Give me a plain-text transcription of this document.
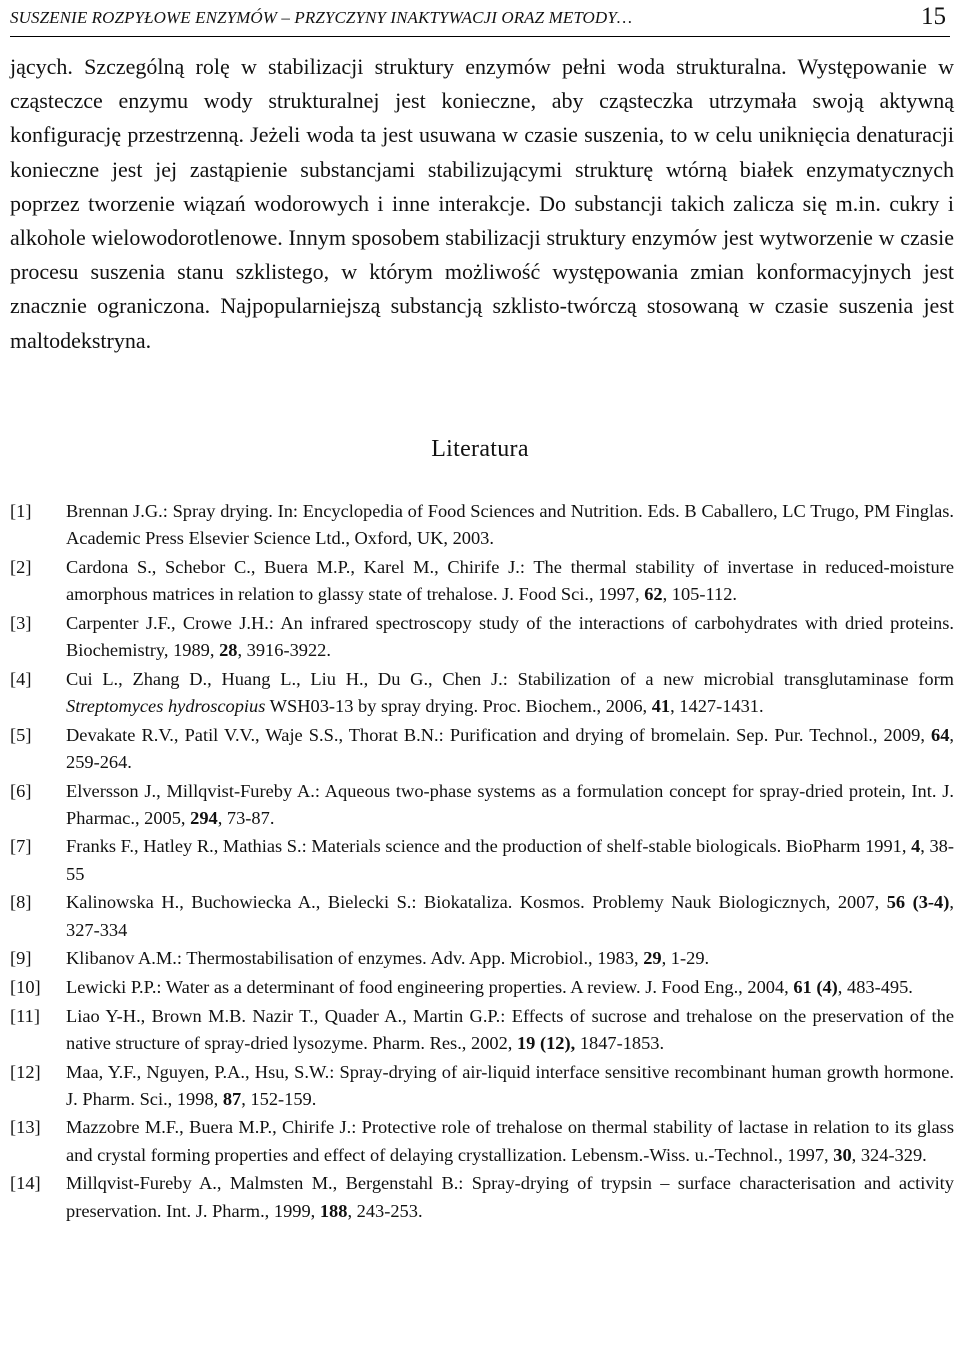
SUSZENIE ROZPYŁOWE ENZYMÓW – PRZYCZYNY INAKTYWACJI ORAZ METODY…	15

jących. Szczególną rolę w stabilizacji struktury enzymów pełni woda strukturalna. Występowanie w cząsteczce enzymu wody strukturalnej jest konieczne, aby cząsteczka utrzymała swoją aktywną konfigurację przestrzenną. Jeżeli woda ta jest usuwana w czasie suszenia, to w celu uniknięcia denaturacji konieczne jest jej zastąpienie substancjami stabilizującymi strukturę wtórną białek enzymatycznych poprzez tworzenie wiązań wodorowych i inne interakcje. Do substancji takich zalicza się m.in. cukry i alkohole wielowodorotlenowe. Innym sposobem stabilizacji struktury enzymów jest wytworzenie w czasie procesu suszenia stanu szklistego, w którym możliwość występowania zmian konformacyjnych jest znacznie ograniczona. Najpopularniejszą substancją szklisto-twórczą stosowaną w czasie suszenia jest maltodekstryna.

Literatura
[1] Brennan J.G.: Spray drying. In: Encyclopedia of Food Sciences and Nutrition. Eds. B Caballero, LC Trugo, PM Finglas. Academic Press Elsevier Science Ltd., Oxford, UK, 2003.
[2] Cardona S., Schebor C., Buera M.P., Karel M., Chirife J.: The thermal stability of invertase in reduced-moisture amorphous matrices in relation to glassy state of trehalose. J. Food Sci., 1997, 62, 105-112.
[3] Carpenter J.F., Crowe J.H.: An infrared spectroscopy study of the interactions of carbohydrates with dried proteins. Biochemistry, 1989, 28, 3916-3922.
[4] Cui L., Zhang D., Huang L., Liu H., Du G., Chen J.: Stabilization of a new microbial transglutaminase form Streptomyces hydroscopius WSH03-13 by spray drying. Proc. Biochem., 2006, 41, 1427-1431.
[5] Devakate R.V., Patil V.V., Waje S.S., Thorat B.N.: Purification and drying of bromelain. Sep. Pur. Technol., 2009, 64, 259-264.
[6] Elversson J., Millqvist-Fureby A.: Aqueous two-phase systems as a formulation concept for spray-dried protein, Int. J. Pharmac., 2005, 294, 73-87.
[7] Franks F., Hatley R., Mathias S.: Materials science and the production of shelf-stable biologicals. BioPharm 1991, 4, 38-55
[8] Kalinowska H., Buchowiecka A., Bielecki S.: Biokataliza. Kosmos. Problemy Nauk Biologicznych, 2007, 56 (3-4), 327-334
[9] Klibanov A.M.: Thermostabilisation of enzymes. Adv. App. Microbiol., 1983, 29, 1-29.
[10] Lewicki P.P.: Water as a determinant of food engineering properties. A review. J. Food Eng., 2004, 61 (4), 483-495.
[11] Liao Y-H., Brown M.B. Nazir T., Quader A., Martin G.P.: Effects of sucrose and trehalose on the preservation of the native structure of spray-dried lysozyme. Pharm. Res., 2002, 19 (12), 1847-1853.
[12] Maa, Y.F., Nguyen, P.A., Hsu, S.W.: Spray-drying of air-liquid interface sensitive recombinant human growth hormone. J. Pharm. Sci., 1998, 87, 152-159.
[13] Mazzobre M.F., Buera M.P., Chirife J.: Protective role of trehalose on thermal stability of lactase in relation to its glass and crystal forming properties and effect of delaying crystallization. Lebensm.-Wiss. u.-Technol., 1997, 30, 324-329.
[14] Millqvist-Fureby A., Malmsten M., Bergenstahl B.: Spray-drying of trypsin – surface characterisation and activity preservation. Int. J. Pharm., 1999, 188, 243-253.
